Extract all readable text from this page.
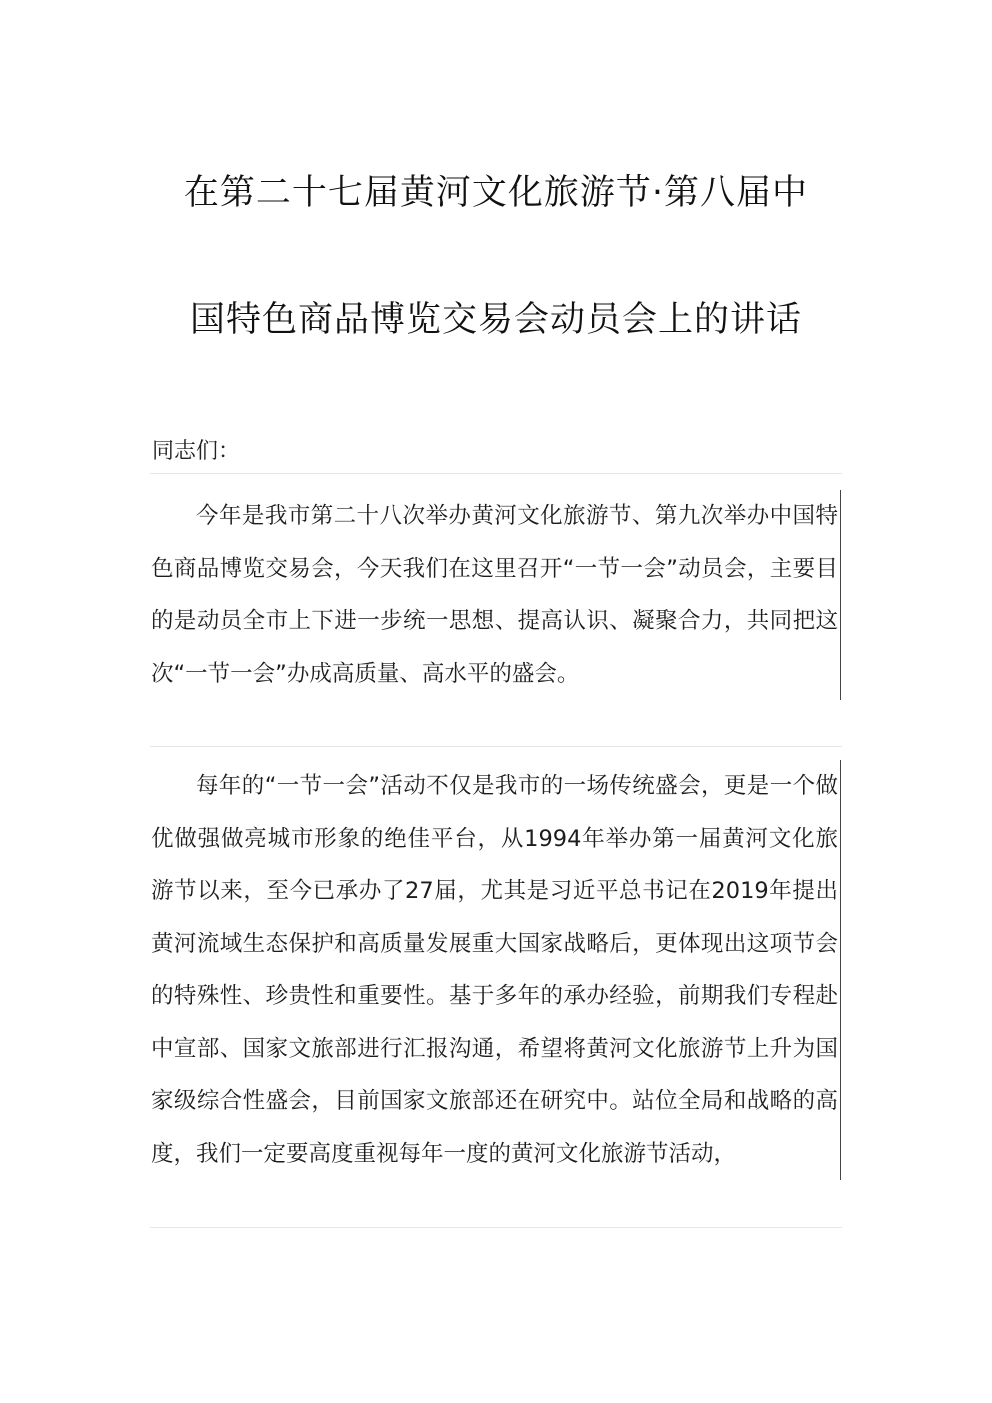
在第二十七届黄河文化旅游节·第八届中
国特色商品博览交易会动员会上的讲话
同志们：

今年是我市第二十八次举办黄河文化旅游节、第九次举办中国特色商品博览交易会，今天我们在这里召开“一节一会”动员会，主要目的是动员全市上下进一步统一思想、提高认识、凝聚合力，共同把这次“一节一会”办成高质量、高水平的盛会。

每年的“一节一会”活动不仅是我市的一场传统盛会，更是一个做优做强做亮城市形象的绝佳平台，从1994年举办第一届黄河文化旅游节以来，至今已承办了27届，尤其是习近平总书记在2019年提出黄河流域生态保护和高质量发展重大国家战略后，更体现出这项节会的特殊性、珍贵性和重要性。基于多年的承办经验，前期我们专程赴中宣部、国家文旅部进行汇报沟通，希望将黄河文化旅游节上升为国家级综合性盛会，目前国家文旅部还在研究中。站位全局和战略的高度，我们一定要高度重视每年一度的黄河文化旅游节活动，
